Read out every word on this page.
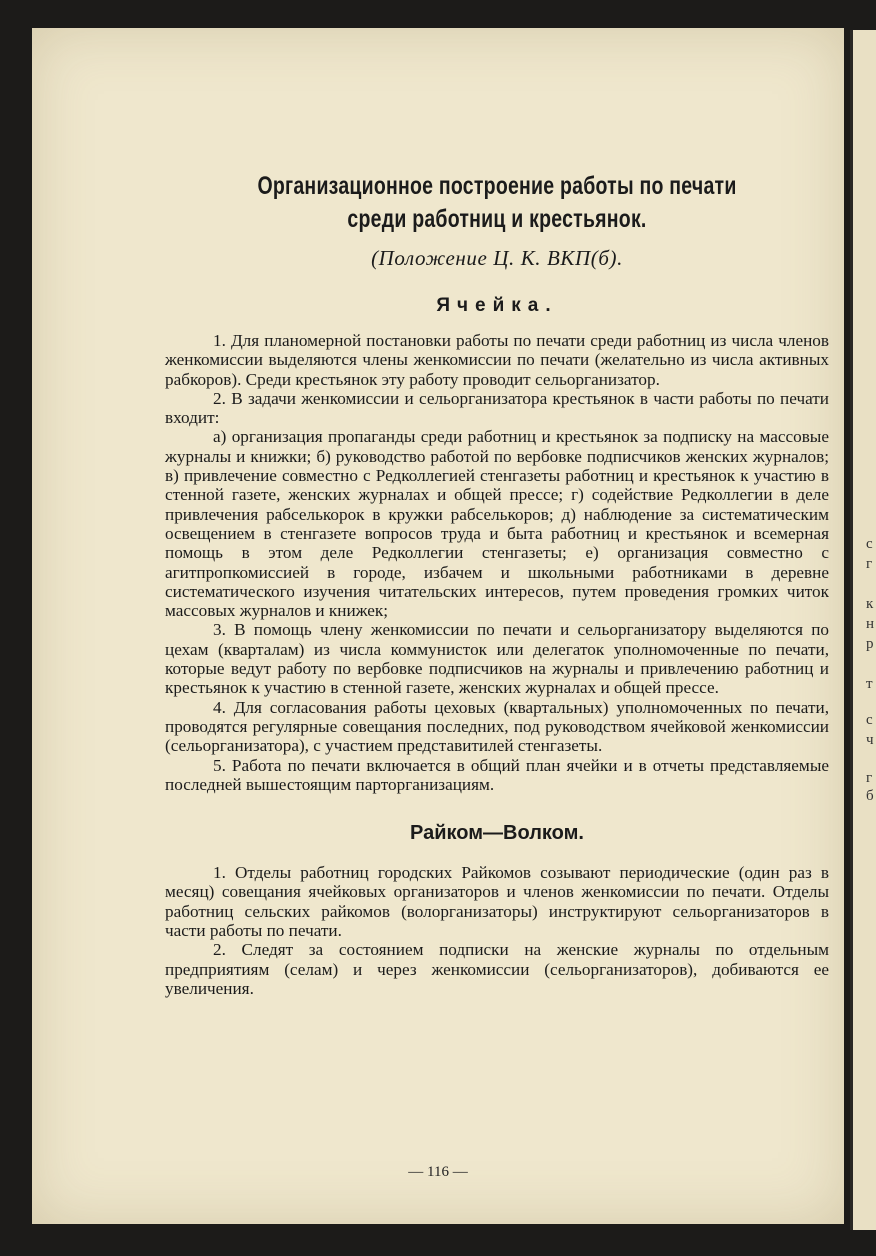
с
г
к
н
р
т
с
ч
г
б
— 116 —
Организационное построение работы по печати среди работниц и крестьянок.
(Положение Ц. К. ВКП(б).
Ячейка.

1. Для планомерной постановки работы по печати среди работниц из числа членов женкомиссии выделяются члены женкомиссии по печати (желательно из числа активных рабкоров). Среди крестьянок эту работу проводит сельорганизатор.

2. В задачи женкомиссии и сельорганизатора крестьянок в части работы по печати входит:

а) организация пропаганды среди работниц и крестьянок за подписку на массовые журналы и книжки; б) руководство работой по вербовке подписчиков женских журналов; в) привлечение совместно с Редколлегией стенгазеты работниц и крестьянок к участию в стенной газете, женских журналах и общей прессе; г) содействие Редколлегии в деле привлечения рабселькорок в кружки рабселькоров; д) наблюдение за систематическим освещением в стенгазете вопросов труда и быта работниц и крестьянок и всемерная помощь в этом деле Редколлегии стенгазеты; е) организация совместно с агитпропкомиссией в городе, избачем и школьными работниками в деревне систематического изучения читательских интересов, путем проведения громких читок массовых журналов и книжек;

3. В помощь члену женкомиссии по печати и сельорганизатору выделяются по цехам (кварталам) из числа коммунисток или делегаток уполномоченные по печати, которые ведут работу по вербовке подписчиков на журналы и привлечению работниц и крестьянок к участию в стенной газете, женских журналах и общей прессе.

4. Для согласования работы цеховых (квартальных) уполномоченных по печати, проводятся регулярные совещания последних, под руководством ячейковой женкомиссии (сельорганизатора), с участием представитилей стенгазеты.

5. Работа по печати включается в общий план ячейки и в отчеты представляемые последней вышестоящим парторганизациям.

Райком—Волком.

1. Отделы работниц городских Райкомов созывают периодические (один раз в месяц) совещания ячейковых организаторов и членов женкомиссии по печати. Отделы работниц сельских райкомов (волорганизаторы) инструктируют сельорганизаторов в части работы по печати.

2. Следят за состоянием подписки на женские журналы по отдельным предприятиям (селам) и через женкомиссии (сельорганизаторов), добиваются ее увеличения.
